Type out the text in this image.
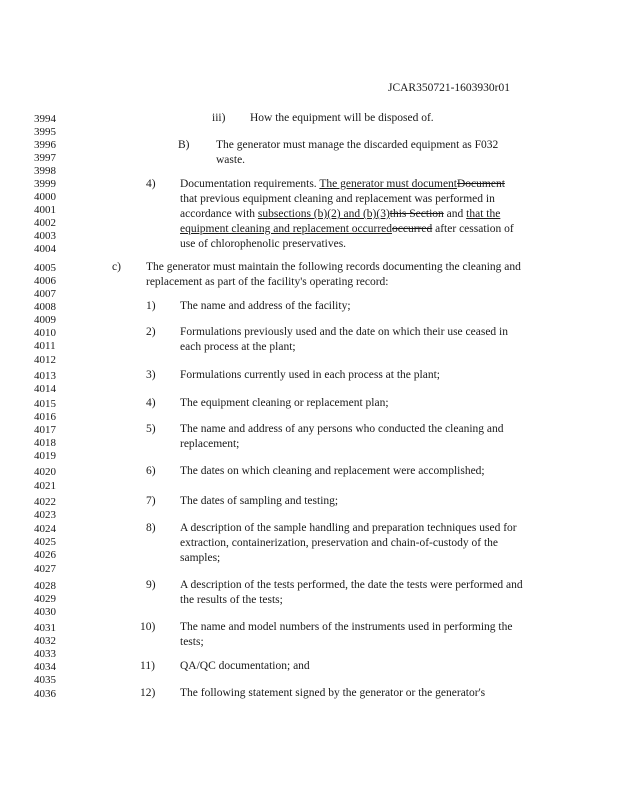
JCAR350721-1603930r01
3994
3995
3996
3997
3998
3999
4000
4001
4002
4003
4004
4005
4006
4007
4008
4009
4010
4011
4012
4013
4014
4015
4016
4017
4018
4019
4020
4021
4022
4023
4024
4025
4026
4027
4028
4029
4030
4031
4032
4033
4034
4035
4036
iii) How the equipment will be disposed of.
B) The generator must manage the discarded equipment as F032 waste.
4) Documentation requirements. The generator must documentDocument that previous equipment cleaning and replacement was performed in accordance with subsections (b)(2) and (b)(3)this Section and that the equipment cleaning and replacement occurredoccurred after cessation of use of chlorophenolic preservatives.
c) The generator must maintain the following records documenting the cleaning and replacement as part of the facility's operating record:
1) The name and address of the facility;
2) Formulations previously used and the date on which their use ceased in each process at the plant;
3) Formulations currently used in each process at the plant;
4) The equipment cleaning or replacement plan;
5) The name and address of any persons who conducted the cleaning and replacement;
6) The dates on which cleaning and replacement were accomplished;
7) The dates of sampling and testing;
8) A description of the sample handling and preparation techniques used for extraction, containerization, preservation and chain-of-custody of the samples;
9) A description of the tests performed, the date the tests were performed and the results of the tests;
10) The name and model numbers of the instruments used in performing the tests;
11) QA/QC documentation; and
12) The following statement signed by the generator or the generator's
